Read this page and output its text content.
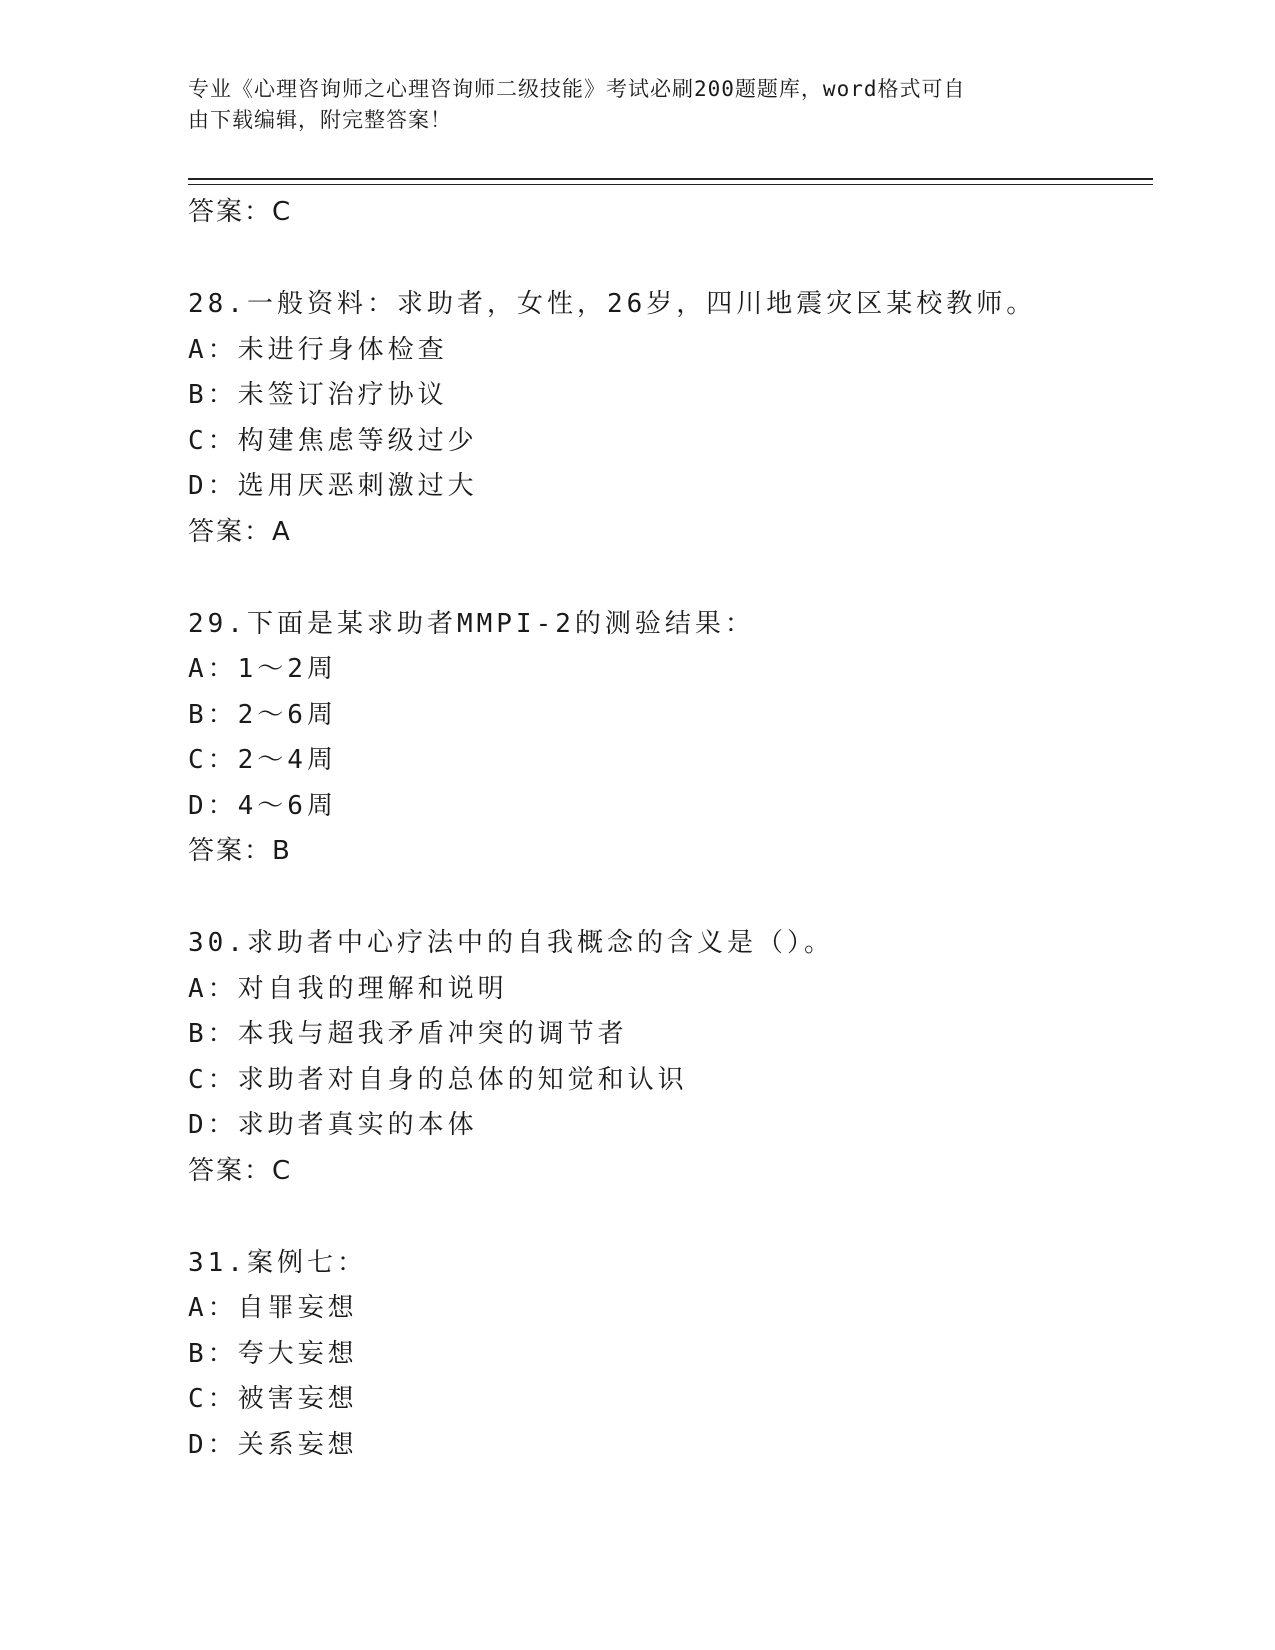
专业《心理咨询师之心理咨询师二级技能》考试必刷200题题库，word格式可自
由下载编辑，附完整答案！
答案：C
28.一般资料：求助者，女性，26岁，四川地震灾区某校教师。
A：未进行身体检查
B：未签订治疗协议
C：构建焦虑等级过少
D：选用厌恶刺激过大
答案：A
29.下面是某求助者MMPI-2的测验结果：
A：1～2周
B：2～6周
C：2～4周
D：4～6周
答案：B
30.求助者中心疗法中的自我概念的含义是（）。
A：对自我的理解和说明
B：本我与超我矛盾冲突的调节者
C：求助者对自身的总体的知觉和认识
D：求助者真实的本体
答案：C
31.案例七：
A：自罪妄想
B：夸大妄想
C：被害妄想
D：关系妄想
